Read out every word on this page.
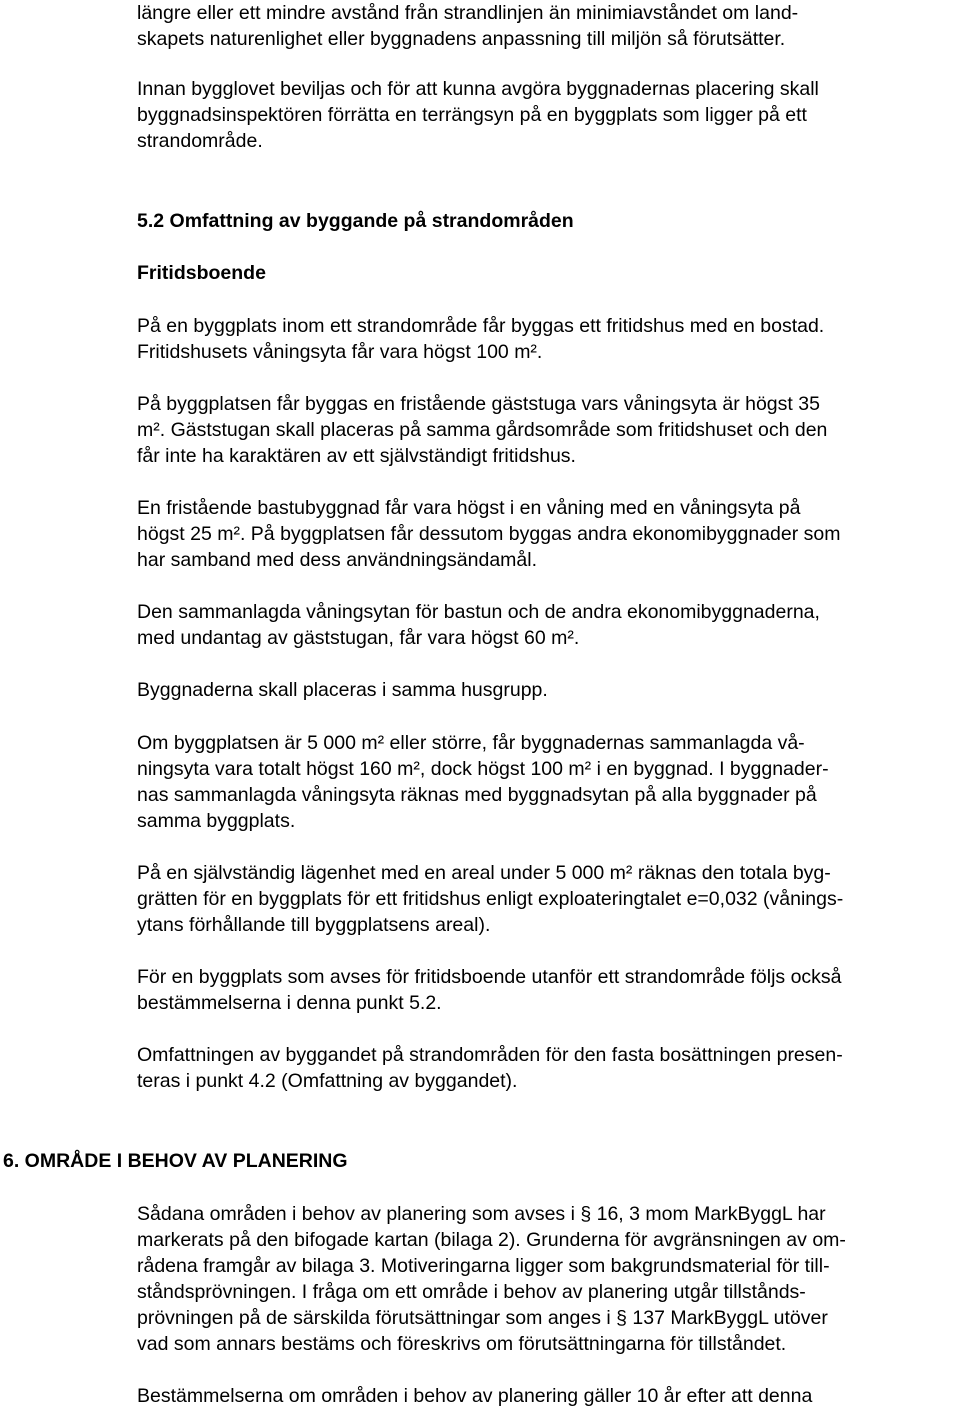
längre eller ett mindre avstånd från strandlinjen än minimiavståndet om land-

skapets naturenlighet eller byggnadens anpassning till miljön så förutsätter.

Innan bygglovet beviljas och för att kunna avgöra byggnadernas placering skall

byggnadsinspektören förrätta en terrängsyn på en byggplats som ligger på ett

strandområde.

5.2 Omfattning av byggande på strandområden
Fritidsboende

På en byggplats inom ett strandområde får byggas ett fritidshus med en bostad.

Fritidshusets våningsyta får vara högst 100 m².

På byggplatsen får byggas en fristående gäststuga vars våningsyta är högst 35

m². Gäststugan skall placeras på samma gårdsområde som fritidshuset och den

får inte ha karaktären av ett självständigt fritidshus.

En fristående bastubyggnad får vara högst i en våning med en våningsyta på

högst 25 m². På byggplatsen får dessutom byggas andra ekonomibyggnader som

har samband med dess användningsändamål.

Den sammanlagda våningsytan för bastun och de andra ekonomibyggnaderna,

med undantag av gäststugan, får vara högst 60 m².

Byggnaderna skall placeras i samma husgrupp.

Om byggplatsen är 5 000 m² eller större, får byggnadernas sammanlagda vå-

ningsyta vara totalt högst 160 m², dock högst 100 m² i en byggnad. I byggnader-

nas sammanlagda våningsyta räknas med byggnadsytan på alla byggnader på

samma byggplats.

På en självständig lägenhet med en areal under 5 000 m² räknas den totala byg-

grätten för en byggplats för ett fritidshus enligt exploateringtalet e=0,032 (vånings-

ytans förhållande till byggplatsens areal).

För en byggplats som avses för fritidsboende utanför ett strandområde följs också

bestämmelserna i denna punkt 5.2.

Omfattningen av byggandet på strandområden för den fasta bosättningen presen-

teras i punkt 4.2 (Omfattning av byggandet).

6. OMRÅDE I BEHOV AV PLANERING

Sådana områden i behov av planering som avses i § 16, 3 mom MarkByggL har

markerats på den bifogade kartan (bilaga 2). Grunderna för avgränsningen av om-

rådena framgår av bilaga 3. Motiveringarna ligger som bakgrundsmaterial för till-

ståndsprövningen. I fråga om ett område i behov av planering utgår tillstånds-

prövningen på de särskilda förutsättningar som anges i § 137 MarkByggL utöver

vad som annars bestäms och föreskrivs om förutsättningarna för tillståndet.

Bestämmelserna om områden i behov av planering gäller 10 år efter att denna
